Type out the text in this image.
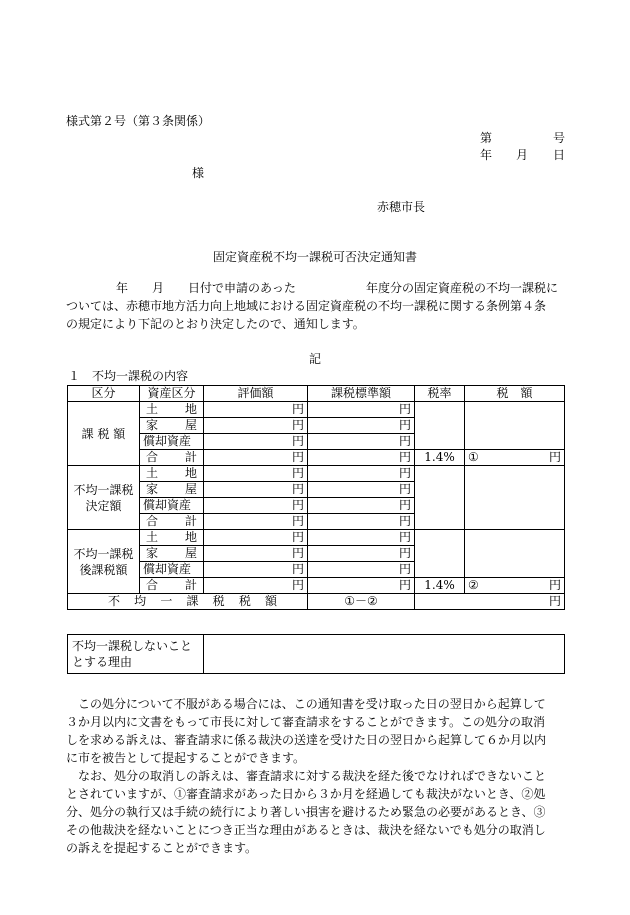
様式第２号（第３条関係）
第	号
年 月 日
様
赤穂市長
固定資産税不均一課税可否決定通知書
年 月 日付で申請のあった	年度分の固定資産税の不均一課税に
ついては、赤穂市地方活力向上地域における固定資産税の不均一課税に関する条例第４条
の規定により下記のとおり決定したので、通知します。
記
１　不均一課税の内容
区分	資産区分	評価額	課税標準額	税率	税　額
課 税 額	土地	円	円		
	家屋	円	円		
	償却資産	円	円		
	合計	円	円	1.4%	① 円

不均一課税決定額	土地	円	円		
	家屋	円	円		
	償却資産	円	円		
	合計	円	円		
不均一課税後課税額	土地	円	円		
	家屋	円	円		
	償却資産	円	円		
	合計	円	円	1.4%	② 円

不均一課税税額			①－②	円	
不均一課税しないこととする理由	
この処分について不服がある場合には、この通知書を受け取った日の翌日から起算して
３か月以内に文書をもって市長に対して審査請求をすることができます。この処分の取消
しを求める訴えは、審査請求に係る裁決の送達を受けた日の翌日から起算して６か月以内
に市を被告として提起することができます。
なお、処分の取消しの訴えは、審査請求に対する裁決を経た後でなければできないこと
とされていますが、①審査請求があった日から３か月を経過しても裁決がないとき、②処
分、処分の執行又は手続の続行により著しい損害を避けるため緊急の必要があるとき、③
その他裁決を経ないことにつき正当な理由があるときは、裁決を経ないでも処分の取消し
の訴えを提起することができます。
